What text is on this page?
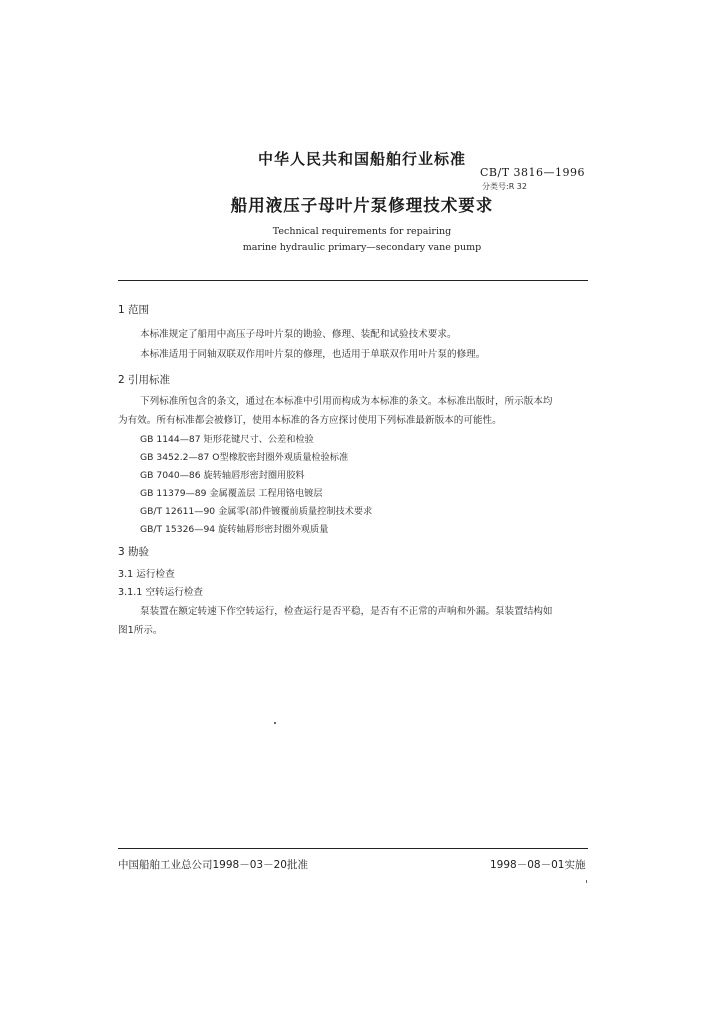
中华人民共和国船舶行业标准
CB/T 3816—1996
分类号:R 32
船用液压子母叶片泵修理技术要求
Technical requirements for repairing
marine hydraulic primary—secondary vane pump
1 范围
本标准规定了船用中高压子母叶片泵的勘验、修理、装配和试验技术要求。
本标准适用于同轴双联双作用叶片泵的修理，也适用于单联双作用叶片泵的修理。
2 引用标准
下列标准所包含的条文，通过在本标准中引用而构成为本标准的条文。本标准出版时，所示版本均
为有效。所有标准都会被修订，使用本标准的各方应探讨使用下列标准最新版本的可能性。
GB 1144—87 矩形花键尺寸、公差和检验
GB 3452.2—87 O型橡胶密封圈外观质量检验标准
GB 7040—86 旋转轴唇形密封圈用胶料
GB 11379—89 金属覆盖层 工程用铬电镀层
GB/T 12611—90 金属零(部)件镀覆前质量控制技术要求
GB/T 15326—94 旋转轴唇形密封圈外观质量
3 勘验
3.1 运行检查
3.1.1 空转运行检查
泵装置在额定转速下作空转运行，检查运行是否平稳，是否有不正常的声响和外漏。泵装置结构如
图1所示。
中国船舶工业总公司1998－03－20批准	1998－08－01实施
